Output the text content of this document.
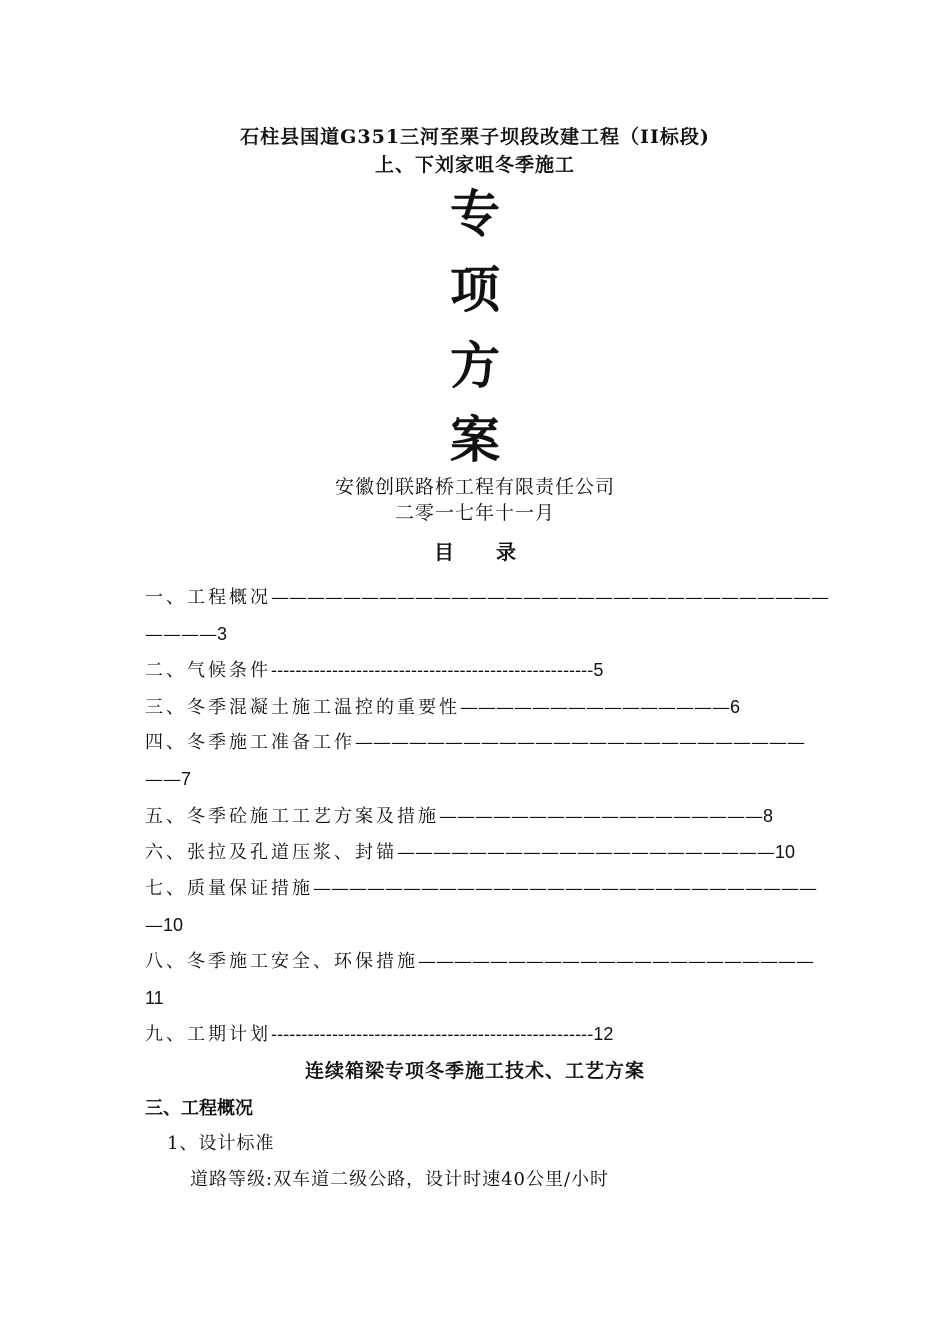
石柱县国道G351三河至栗子坝段改建工程（II标段)
上、下刘家咀冬季施工
专
项
方
案
安徽创联路桥工程有限责任公司
二零一七年十一月
目 录
一、工程概况———————————————————————————————
————3
二、气候条件-----------------------------------------------------5
三、冬季混凝土施工温控的重要性———————————————6
四、冬季施工准备工作—————————————————————————
——7
五、冬季砼施工工艺方案及措施——————————————————8
六、张拉及孔道压浆、封锚—————————————————————10
七、质量保证措施————————————————————————————
—10
八、冬季施工安全、环保措施——————————————————————
11
九、工期计划-----------------------------------------------------12
连续箱梁专项冬季施工技术、工艺方案
三、工程概况
1、设计标准
道路等级:双车道二级公路，设计时速40公里/小时
